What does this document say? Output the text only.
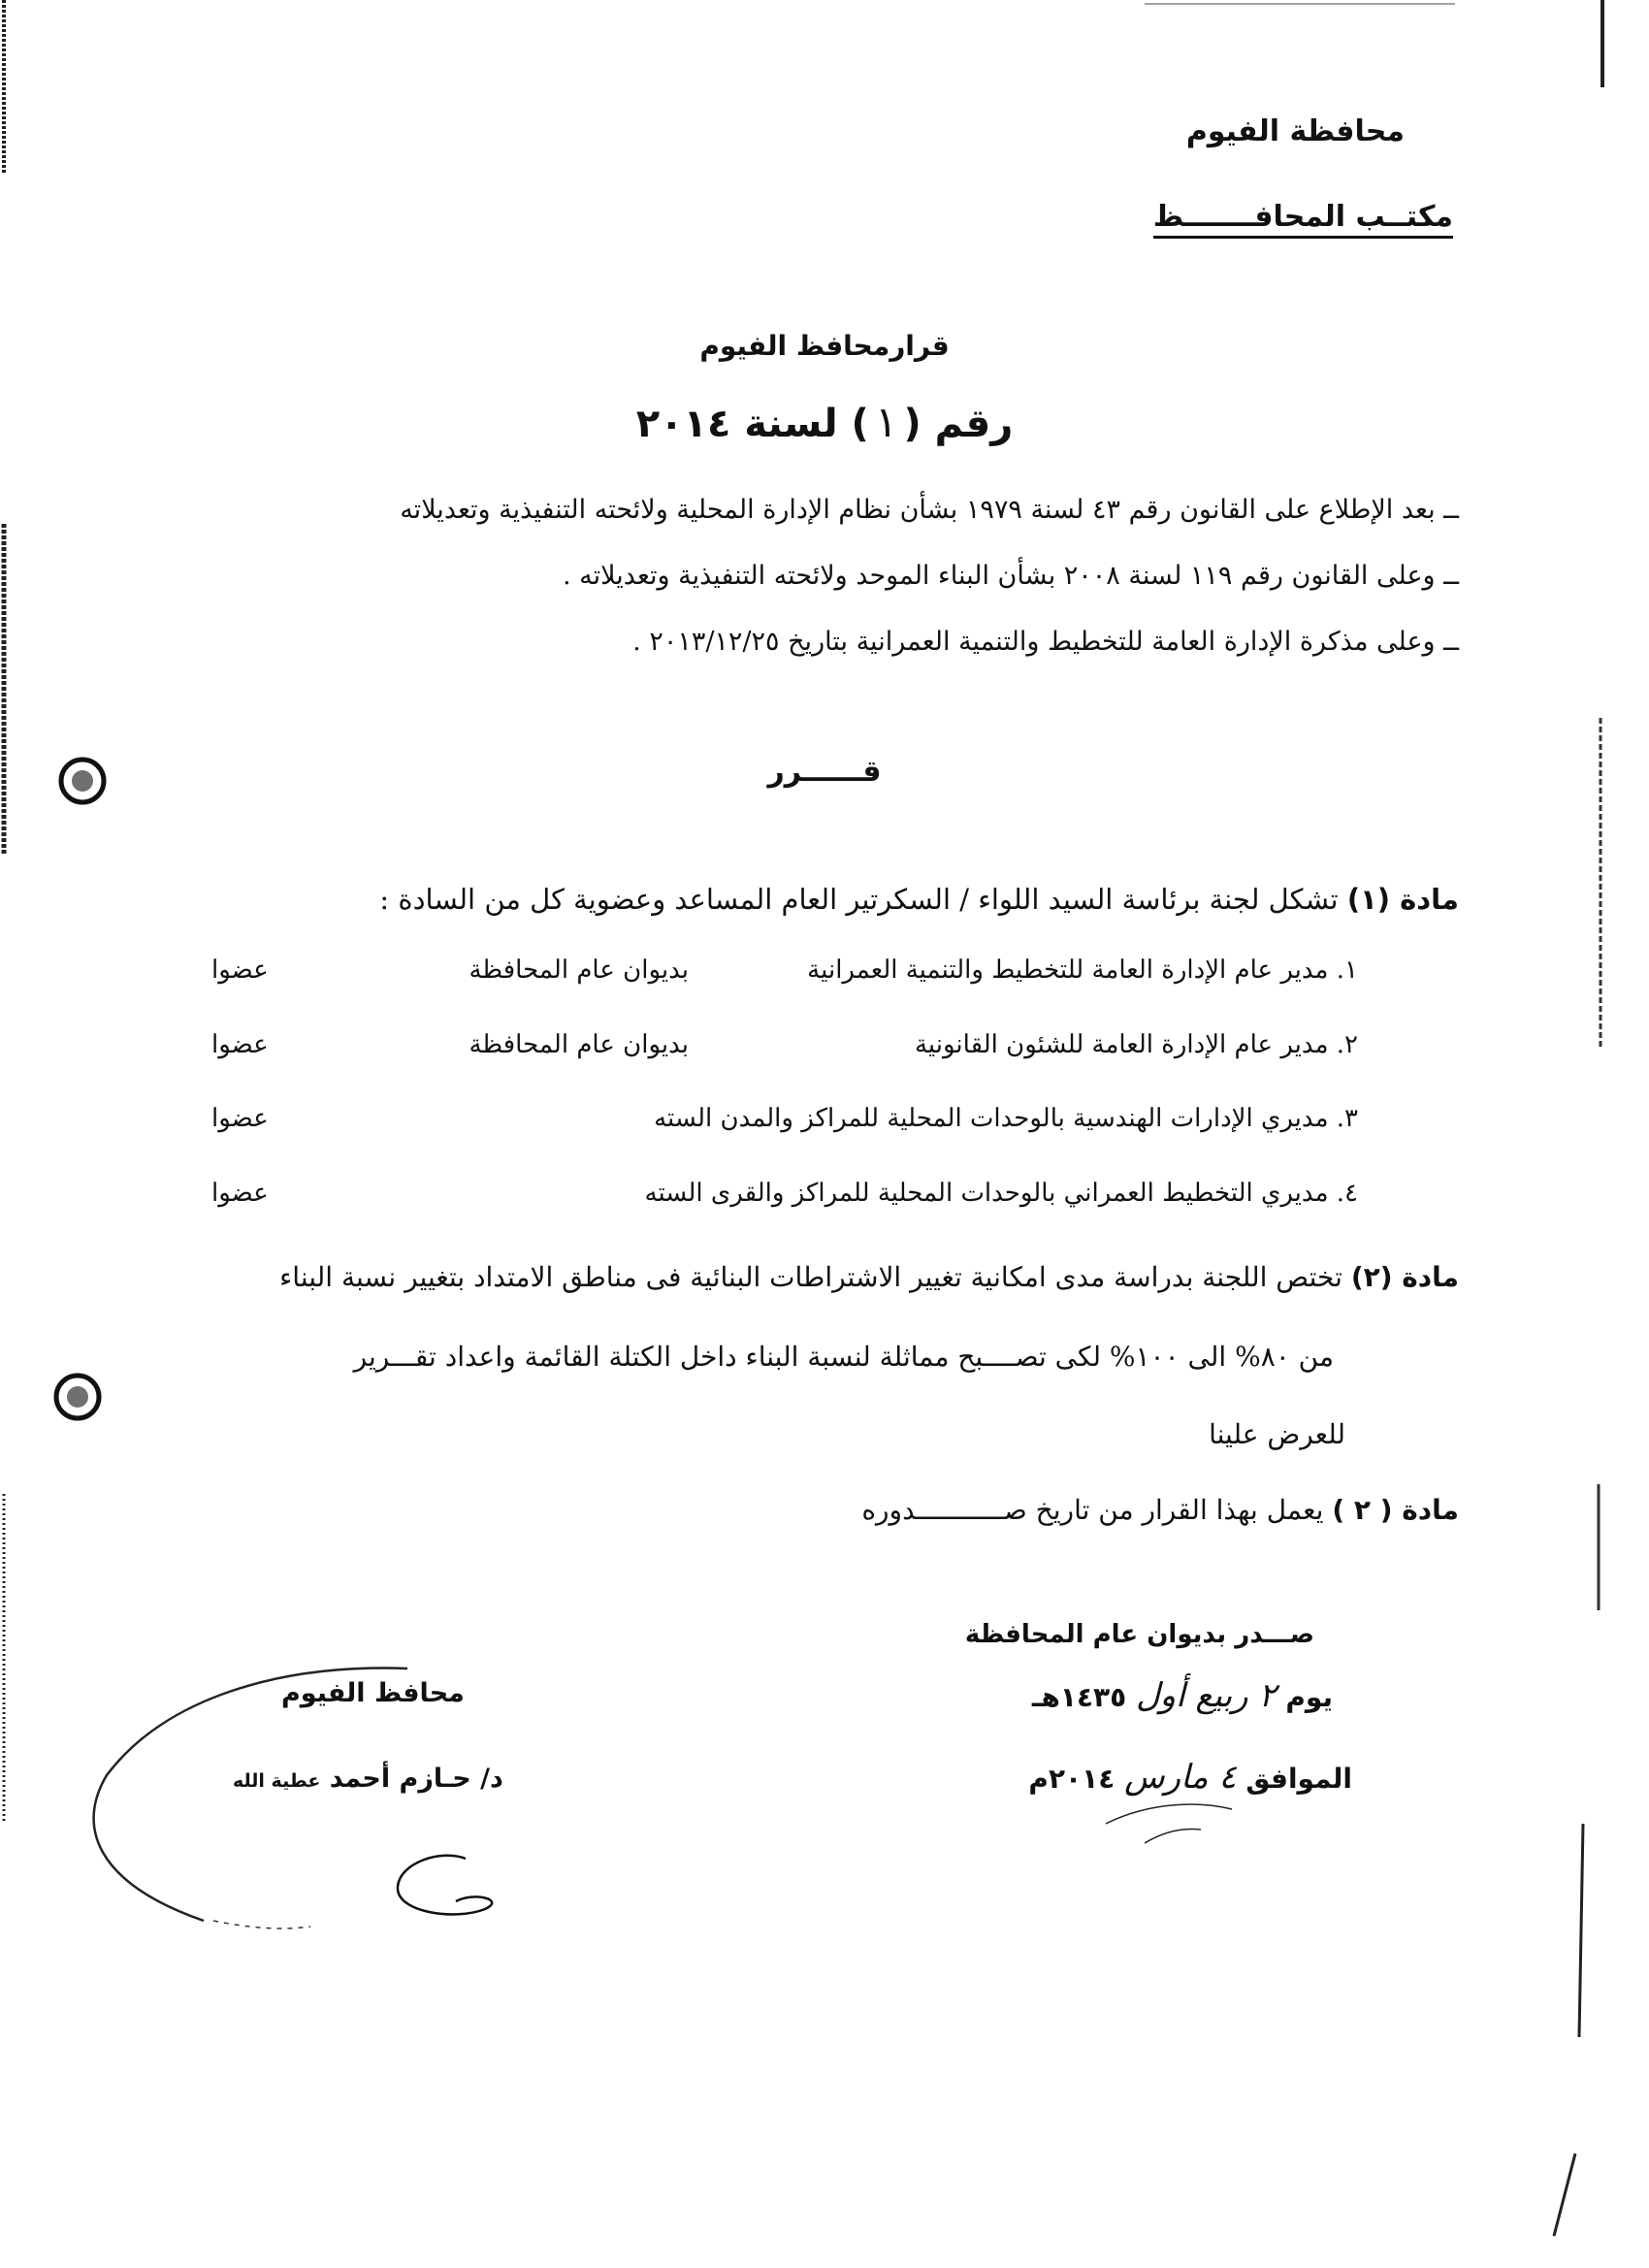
محافظة الفيوم
مكتــب المحافـــــــظ
قرارمحافظ الفيوم
رقم (١) لسنة ٢٠١٤
ــ بعد الإطلاع على القانون رقم ٤٣ لسنة ١٩٧٩ بشأن نظام الإدارة المحلية ولائحته التنفيذية وتعديلاته
ــ وعلى القانون رقم ١١٩ لسنة ٢٠٠٨ بشأن البناء الموحد ولائحته التنفيذية وتعديلاته .
ــ وعلى مذكرة الإدارة العامة للتخطيط والتنمية العمرانية بتاريخ ٢٠١٣/١٢/٢٥ .
قــــــرر
مادة (١) تشكل لجنة برئاسة السيد اللواء / السكرتير العام المساعد وعضوية كل من السادة :
١. مدير عام الإدارة العامة للتخطيط والتنمية العمرانية
بديوان عام المحافظة
عضوا
٢. مدير عام الإدارة العامة للشئون القانونية
بديوان عام المحافظة
عضوا
٣. مديري الإدارات الهندسية بالوحدات المحلية للمراكز والمدن السته
عضوا
٤. مديري التخطيط العمراني بالوحدات المحلية للمراكز والقرى السته
عضوا
مادة (٢) تختص اللجنة بدراسة مدى امكانية تغيير الاشتراطات البنائية فى مناطق الامتداد بتغيير نسبة البناء
من ٨٠% الى ١٠٠% لكى تصــــبح مماثلة لنسبة البناء داخل الكتلة القائمة واعداد تقـــرير
للعرض علينا
مادة ( ٢ ) يعمل بهذا القرار من تاريخ صـــــــــــدوره
صـــدر بديوان عام المحافظة
يوم ٢ ربيع أول ١٤٣٥هـ
الموافق ٤ مارس ٢٠١٤م
محافظ الفيوم
د/ حـازم أحمد عطية الله
